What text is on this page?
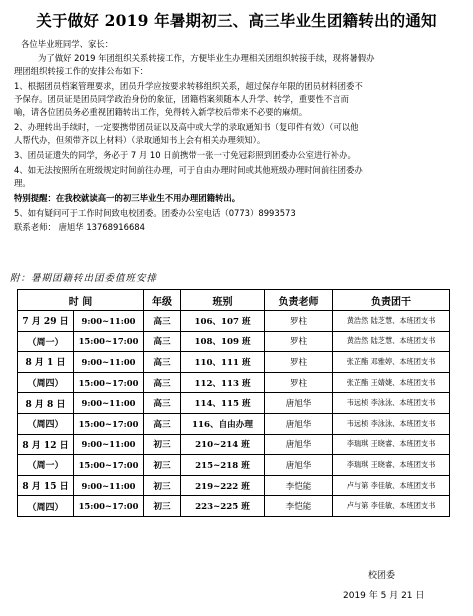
关于做好 2019 年暑期初三、高三毕业生团籍转出的通知
各位毕业班同学、家长：
为了做好 2019 年团组织关系转接工作，方便毕业生办理相关团组织转接手续，现将暑假办
理团组织转接工作的安排公布如下：
1、根据团员档案管理要求，团员升学应按要求转移组织关系，超过保存年限的团员材料团委不
予保存。团员证是团员同学政治身份的象征，团籍档案须随本人升学、转学，重要性不言而
喻，请各位团员务必重视团籍转出工作，免得转入新学校后带来不必要的麻烦。
2、办理转出手续时，一定要携带团员证以及高中或大学的录取通知书（复印件有效）（可以他
人帮代办，但须带齐以上材料）（录取通知书上会有相关办理须知）。
3、团员证遗失的同学，务必于 7 月 10 日前携带一张一寸免冠彩照到团委办公室进行补办。
4、如无法按照所在班级规定时间前往办理，可于自由办理时间或其他班级办理时间前往团委办
理。
特别提醒：在我校就读高一的初三毕业生不用办理团籍转出。
5、如有疑问可于工作时间致电校团委。团委办公室电话（0773）8993573
联系老师： 唐旭华 13768916684
附：暑期团籍转出团委值班安排
时 间		年级	班别	负责老师	负责团干
7 月 29 日	9:00~11:00	高三	106、107 班	罗柱	黄浩然 陆芝慧、本班团支书
（周一）	15:00~17:00	高三	108、109 班	罗柱	黄浩然 陆芝慧、本班团支书
8 月 1 日	9:00~11:00	高三	110、111 班	罗柱	张芷酯 邓雅婷、本班团支书
（周四）	15:00~17:00	高三	112、113 班	罗柱	张芷酯 王婧婕、本班团支书
8 月 8 日	9:00~11:00	高三	114、115 班	唐旭华	韦远桢 李泳泳、本班团支书
（周四）	15:00~17:00	高三	116、自由办理	唐旭华	韦远桢 李泳泳、本班团支书
8 月 12 日	9:00~11:00	初三	210~214 班	唐旭华	李瑞琪 王晓睿、本班团支书
（周一）	15:00~17:00	初三	215~218 班	唐旭华	李瑞琪 王晓睿、本班团支书
8 月 15 日	9:00~11:00	初三	219~222 班	李恺能	卢与第 李佳敏、本班团支书
（周四）	15:00~17:00	初三	223~225 班	李恺能	卢与第 李佳敏、本班团支书
校团委
2019 年 5 月 21 日
